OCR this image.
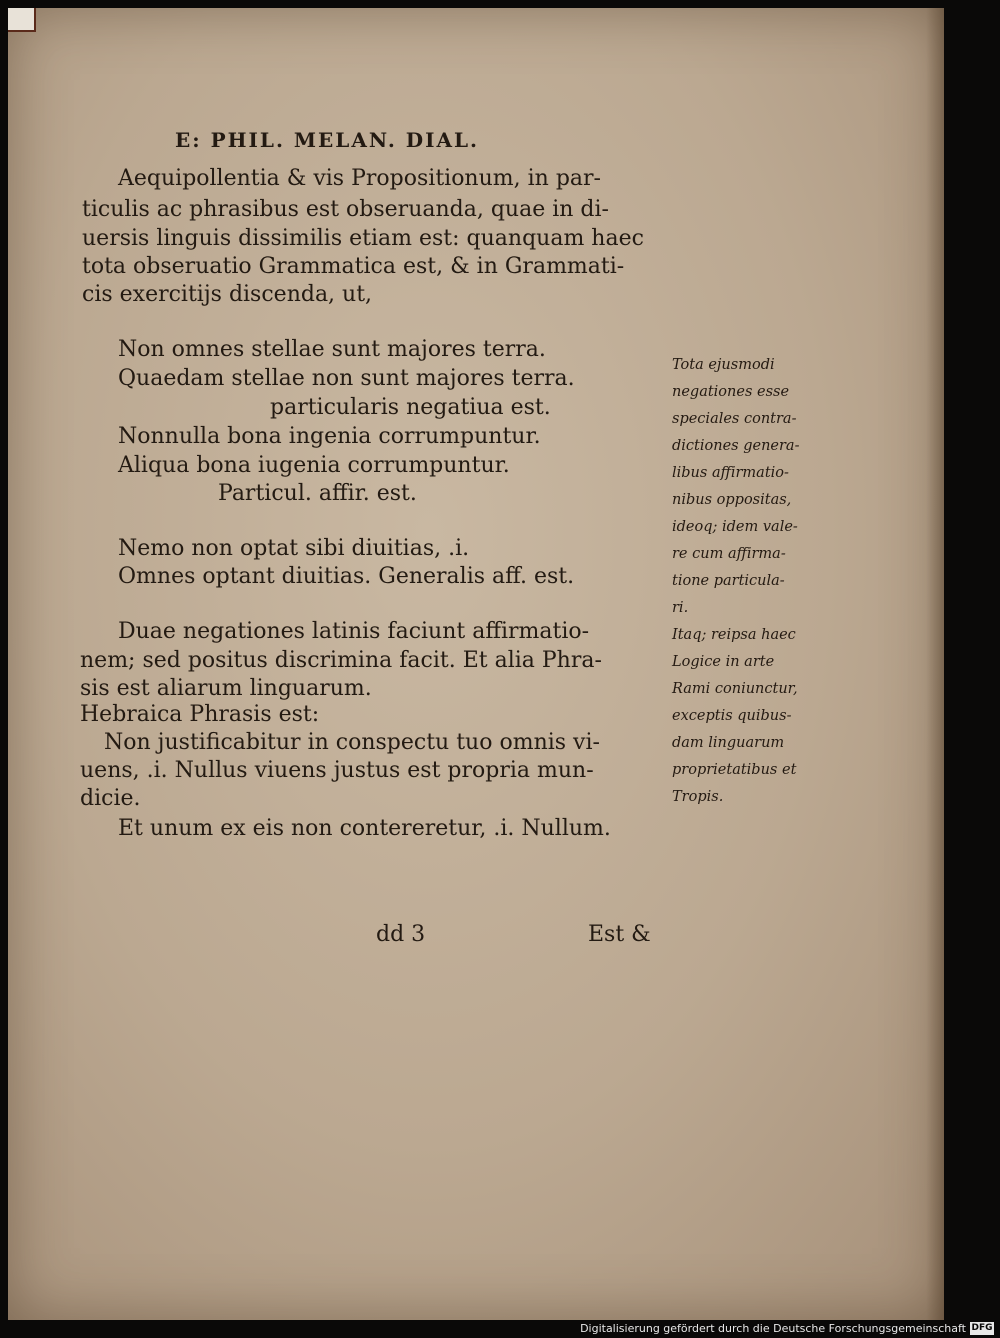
E: PHIL. MELAN. DIAL.
Aequipollentia & vis Propositionum, in par-
ticulis ac phrasibus est obseruanda, quae in di-
uersis linguis dissimilis etiam est: quanquam haec
tota obseruatio Grammatica est, & in Grammati-
cis exercitijs discenda, ut,
Non omnes stellae sunt majores terra.
Quaedam stellae non sunt majores terra.
particularis negatiua est.
Nonnulla bona ingenia corrumpuntur.
Aliqua bona iugenia corrumpuntur.
Particul. affir. est.
Nemo non optat sibi diuitias, .i.
Omnes optant diuitias. Generalis aff. est.
Duae negationes latinis faciunt affirmatio-
nem; sed positus discrimina facit. Et alia Phra-
sis est aliarum linguarum.
Hebraica Phrasis est:
Non justificabitur in conspectu tuo omnis vi-
uens, .i. Nullus viuens justus est propria mun-
dicie.
Et unum ex eis non contereretur, .i. Nullum.
Tota ejusmodi
negationes esse
speciales contra-
dictiones genera-
libus affirmatio-
nibus oppositas,
ideoq; idem vale-
re cum affirma-
tione particula-
ri.
Itaq; reipsa haec
Logice in arte
Rami coniunctur,
exceptis quibus-
dam linguarum
proprietatibus et
Tropis.
dd 3	Est &
Digitalisierung gefördert durch die Deutsche Forschungsgemeinschaft DFG
